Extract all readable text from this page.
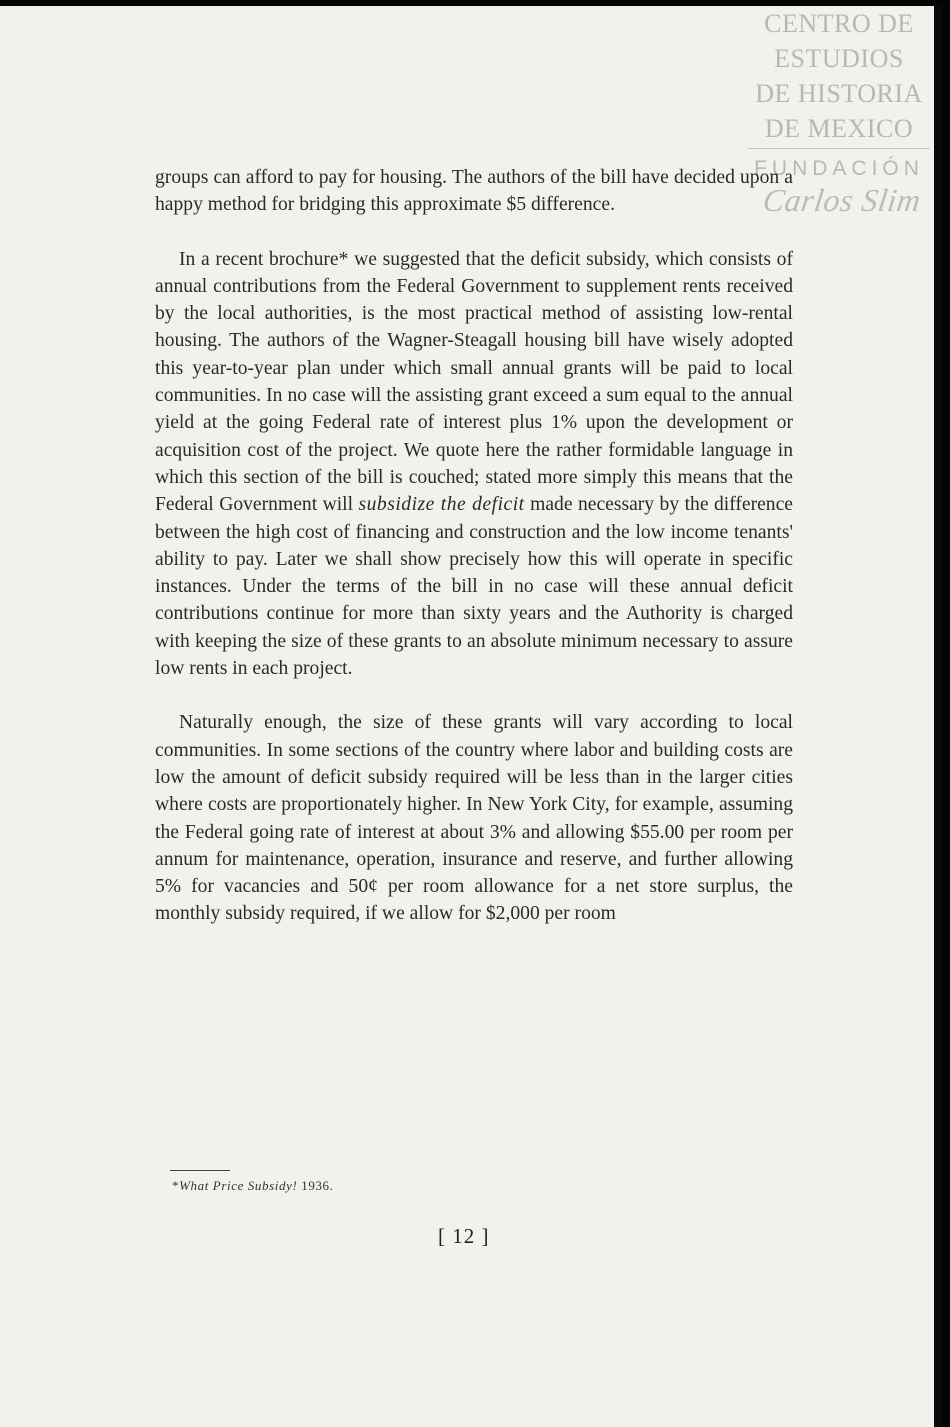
CENTRO DE
ESTUDIOS
DE HISTORIA
DE MEXICO
FUNDACIÓN
Carlos Slim

groups can afford to pay for housing. The authors of the bill have decided upon a happy method for bridging this approximate $5 difference.

In a recent brochure* we suggested that the deficit subsidy, which consists of annual contributions from the Federal Government to supplement rents received by the local authorities, is the most practical method of assisting low-rental housing. The authors of the Wagner-Steagall housing bill have wisely adopted this year-to-year plan under which small annual grants will be paid to local communities. In no case will the assisting grant exceed a sum equal to the annual yield at the going Federal rate of interest plus 1% upon the development or acquisition cost of the project. We quote here the rather formidable language in which this section of the bill is couched; stated more simply this means that the Federal Government will subsidize the deficit made necessary by the difference between the high cost of financing and construction and the low income tenants' ability to pay. Later we shall show precisely how this will operate in specific instances. Under the terms of the bill in no case will these annual deficit contributions continue for more than sixty years and the Authority is charged with keeping the size of these grants to an absolute minimum necessary to assure low rents in each project.

Naturally enough, the size of these grants will vary according to local communities. In some sections of the country where labor and building costs are low the amount of deficit subsidy required will be less than in the larger cities where costs are proportionately higher. In New York City, for example, assuming the Federal going rate of interest at about 3% and allowing $55.00 per room per annum for maintenance, operation, insurance and reserve, and further allowing 5% for vacancies and 50¢ per room allowance for a net store surplus, the monthly subsidy required, if we allow for $2,000 per room

*What Price Subsidy! 1936.
[ 12 ]
